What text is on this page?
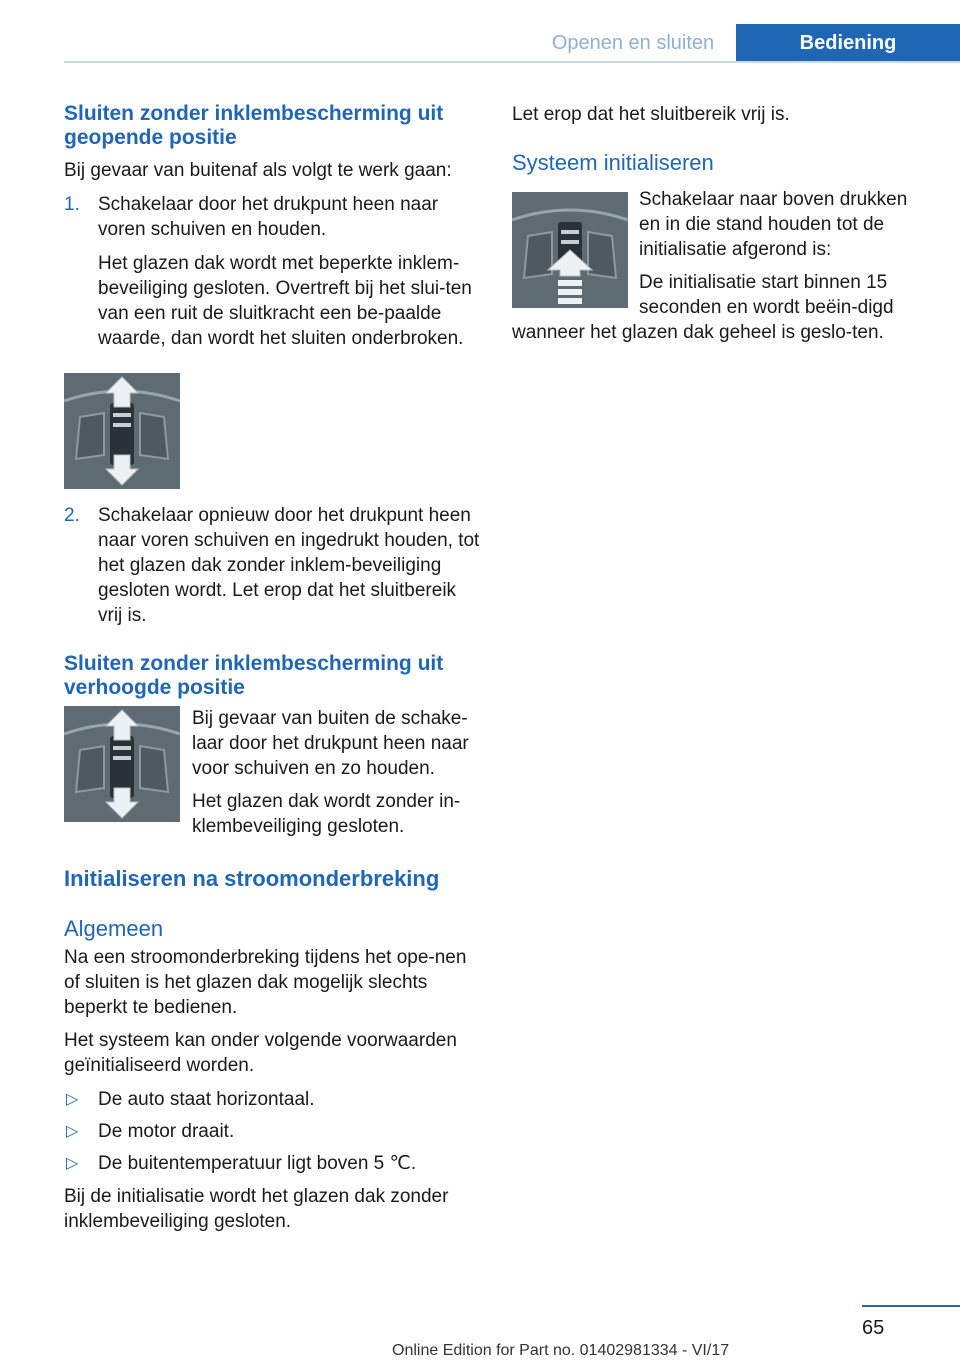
Openen en sluiten	Bediening
Sluiten zonder inklembescherming uit geopende positie

Bij gevaar van buitenaf als volgt te werk gaan:

1. Schakelaar door het drukpunt heen naar voren schuiven en houden.

Het glazen dak wordt met beperkte inklem-beveiliging gesloten. Overtreft bij het slui-ten van een ruit de sluitkracht een be-paalde waarde, dan wordt het sluiten onderbroken.

2. Schakelaar opnieuw door het drukpunt heen naar voren schuiven en ingedrukt houden, tot het glazen dak zonder inklem-beveiliging gesloten wordt. Let erop dat het sluitbereik vrij is.

Sluiten zonder inklembescherming uit verhoogde positie

Bij gevaar van buiten de schake-laar door het drukpunt heen naar voor schuiven en zo houden.

Het glazen dak wordt zonder in-klembeveiliging gesloten.

Initialiseren na stroomonderbreking
Algemeen

Na een stroomonderbreking tijdens het ope-nen of sluiten is het glazen dak mogelijk slechts beperkt te bedienen.

Het systeem kan onder volgende voorwaarden geïnitialiseerd worden.

▷ De auto staat horizontaal.
▷ De motor draait.
▷ De buitentemperatuur ligt boven 5 ℃.

Bij de initialisatie wordt het glazen dak zonder inklembeveiliging gesloten.

Let erop dat het sluitbereik vrij is.

Systeem initialiseren

Schakelaar naar boven drukken en in die stand houden tot de initialisatie afgerond is:

De initialisatie start binnen 15 seconden en wordt beëin-digd wanneer het glazen dak geheel is geslo-ten.

65
Online Edition for Part no. 01402981334 - VI/17
